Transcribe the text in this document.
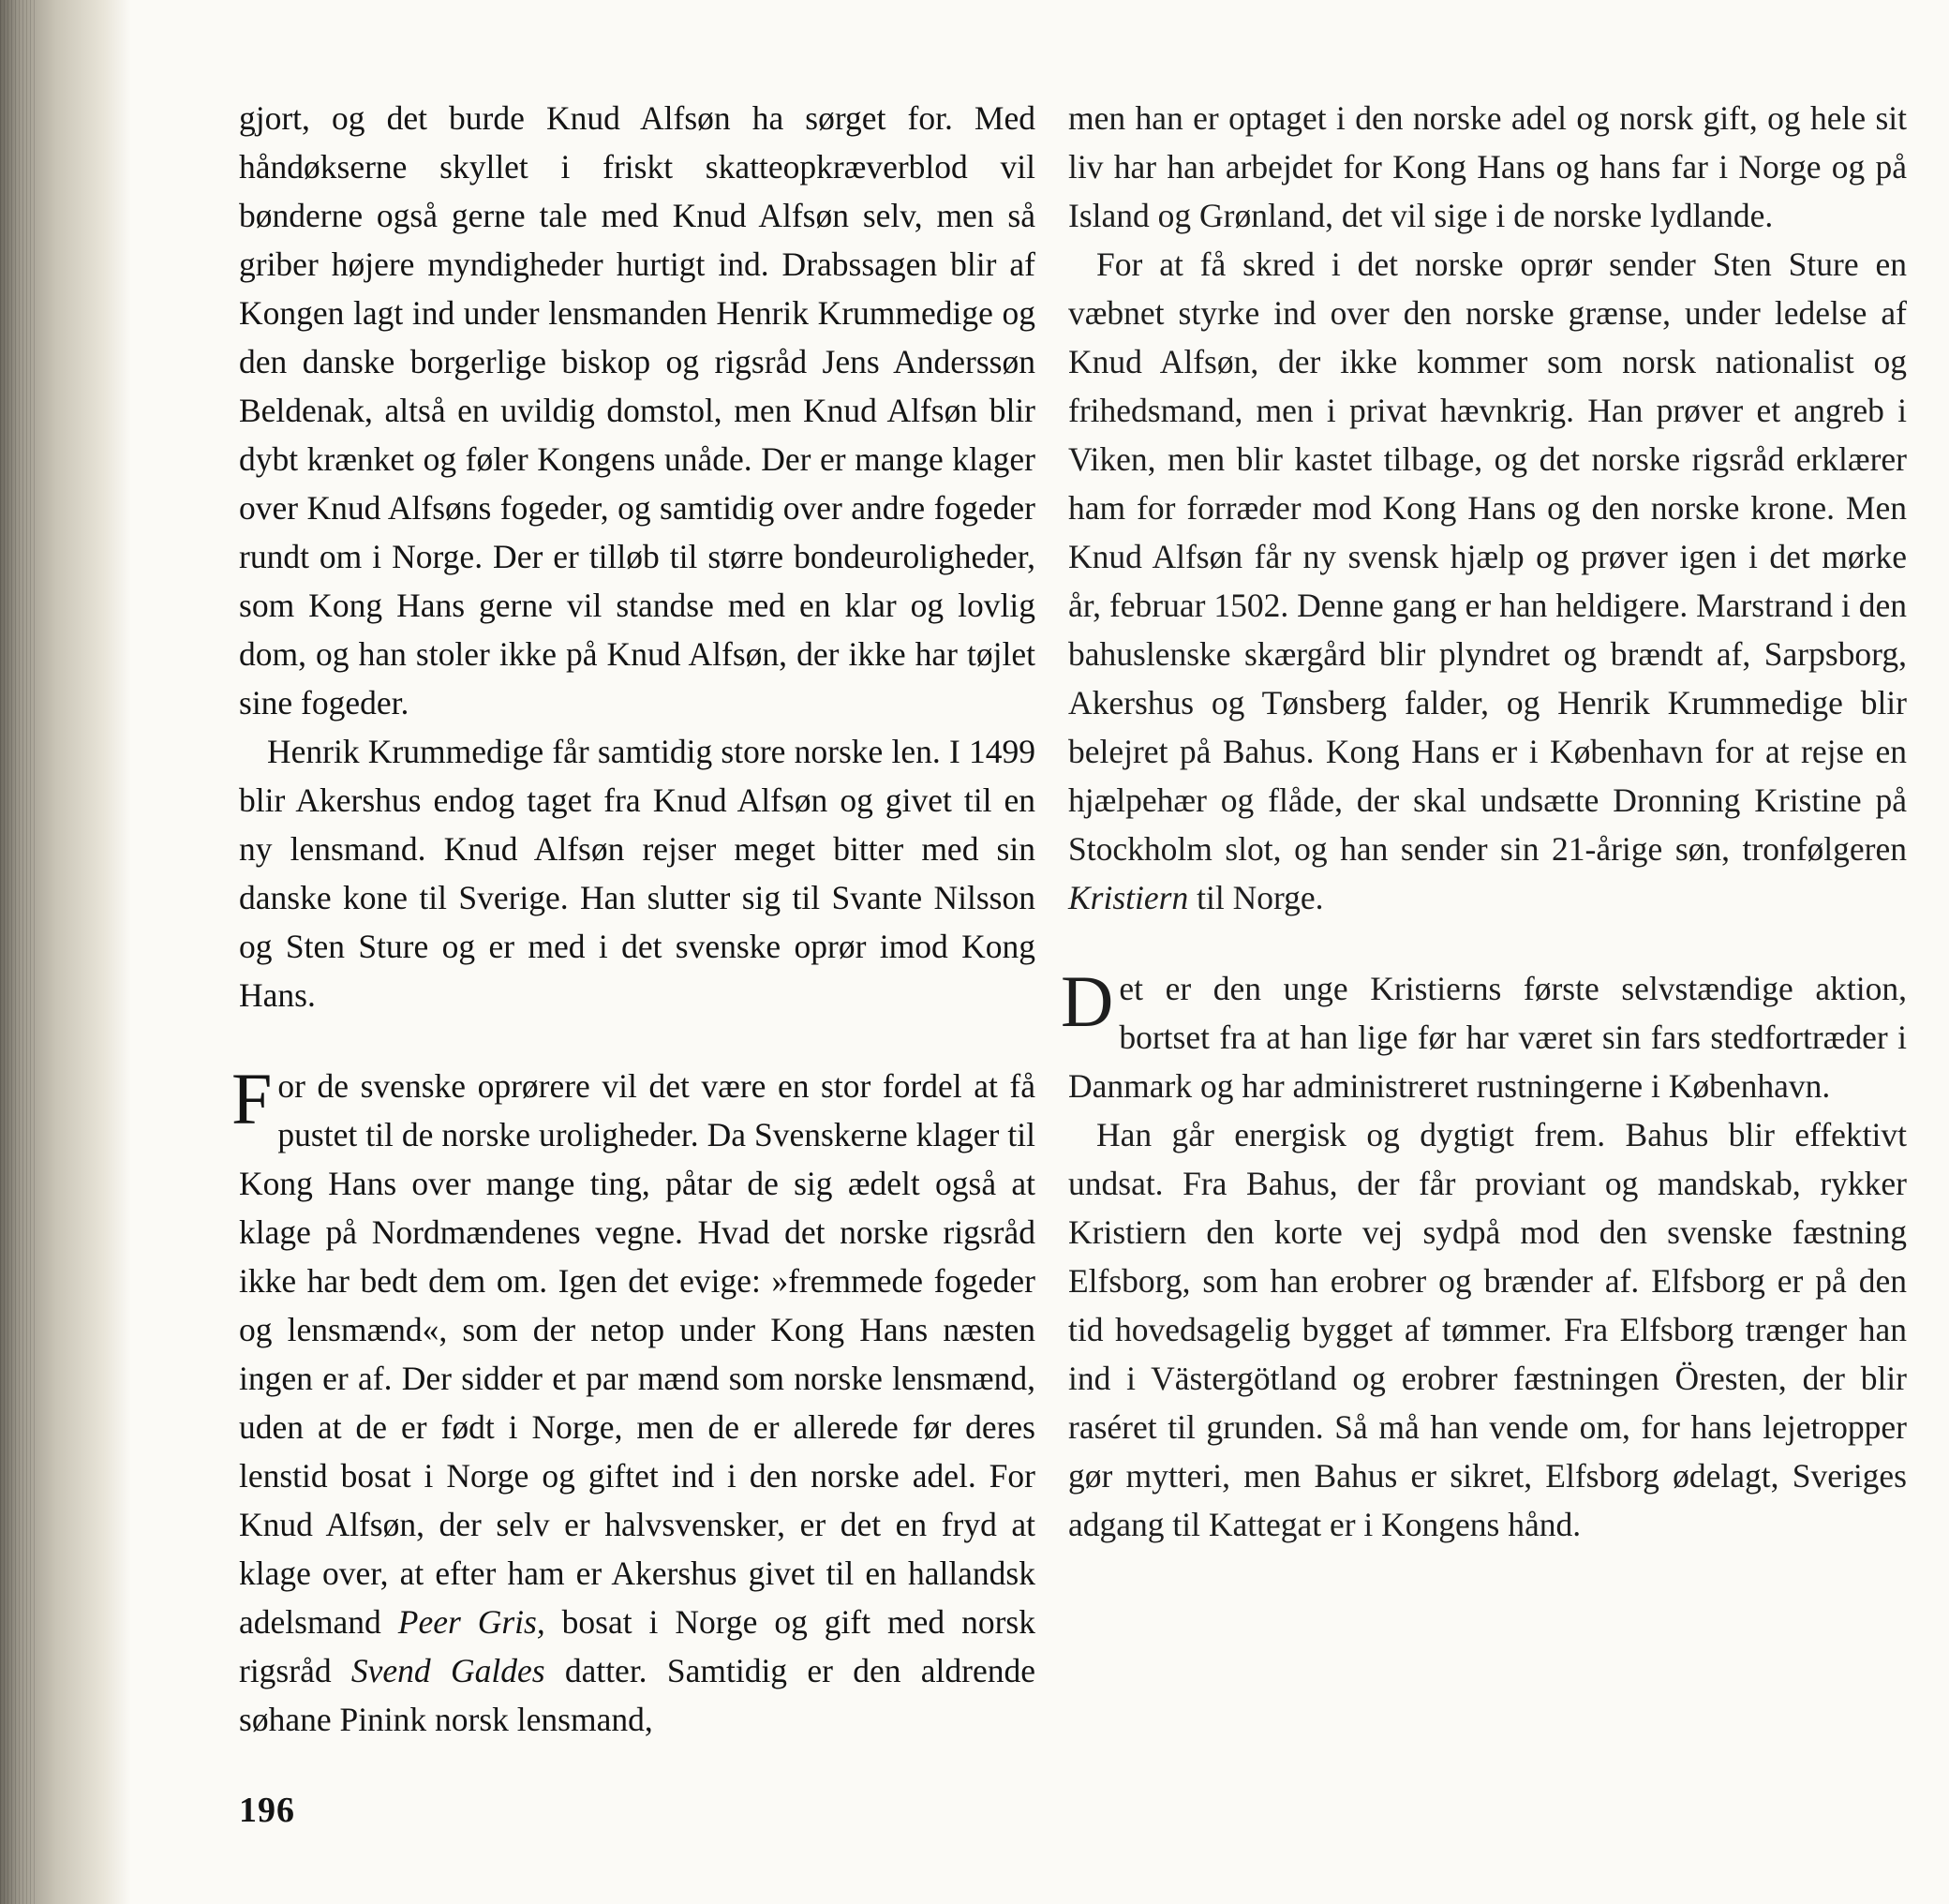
gjort, og det burde Knud Alfsøn ha sørget for. Med håndøkserne skyllet i friskt skatteopkræverblod vil bønderne også gerne tale med Knud Alfsøn selv, men så griber højere myndigheder hurtigt ind. Drabssagen blir af Kongen lagt ind under lensmanden Henrik Krummedige og den danske borgerlige biskop og rigsråd Jens Anderssøn Beldenak, altså en uvildig domstol, men Knud Alfsøn blir dybt krænket og føler Kongens unåde. Der er mange klager over Knud Alfsøns fogeder, og samtidig over andre fogeder rundt om i Norge. Der er tilløb til større bondeuroligheder, som Kong Hans gerne vil standse med en klar og lovlig dom, og han stoler ikke på Knud Alfsøn, der ikke har tøjlet sine fogeder.

Henrik Krummedige får samtidig store norske len. I 1499 blir Akershus endog taget fra Knud Alfsøn og givet til en ny lensmand. Knud Alfsøn rejser meget bitter med sin danske kone til Sverige. Han slutter sig til Svante Nilsson og Sten Sture og er med i det svenske oprør imod Kong Hans.

For de svenske oprørere vil det være en stor fordel at få pustet til de norske uroligheder. Da Svenskerne klager til Kong Hans over mange ting, påtar de sig ædelt også at klage på Nordmændenes vegne. Hvad det norske rigsråd ikke har bedt dem om. Igen det evige: »fremmede fogeder og lensmænd«, som der netop under Kong Hans næsten ingen er af. Der sidder et par mænd som norske lensmænd, uden at de er født i Norge, men de er allerede før deres lenstid bosat i Norge og giftet ind i den norske adel. For Knud Alfsøn, der selv er halvsvensker, er det en fryd at klage over, at efter ham er Akershus givet til en hallandsk adelsmand Peer Gris, bosat i Norge og gift med norsk rigsråd Svend Galdes datter. Samtidig er den aldrende søhane Pinink norsk lensmand,

men han er optaget i den norske adel og norsk gift, og hele sit liv har han arbejdet for Kong Hans og hans far i Norge og på Island og Grønland, det vil sige i de norske lydlande.

For at få skred i det norske oprør sender Sten Sture en væbnet styrke ind over den norske grænse, under ledelse af Knud Alfsøn, der ikke kommer som norsk nationalist og frihedsmand, men i privat hævnkrig. Han prøver et angreb i Viken, men blir kastet tilbage, og det norske rigsråd erklærer ham for forræder mod Kong Hans og den norske krone. Men Knud Alfsøn får ny svensk hjælp og prøver igen i det mørke år, februar 1502. Denne gang er han heldigere. Marstrand i den bahuslenske skærgård blir plyndret og brændt af, Sarpsborg, Akershus og Tønsberg falder, og Henrik Krummedige blir belejret på Bahus. Kong Hans er i København for at rejse en hjælpehær og flåde, der skal undsætte Dronning Kristine på Stockholm slot, og han sender sin 21-årige søn, tronfølgeren Kristiern til Norge.

Det er den unge Kristierns første selvstændige aktion, bortset fra at han lige før har været sin fars stedfortræder i Danmark og har administreret rustningerne i København.

Han går energisk og dygtigt frem. Bahus blir effektivt undsat. Fra Bahus, der får proviant og mandskab, rykker Kristiern den korte vej sydpå mod den svenske fæstning Elfsborg, som han erobrer og brænder af. Elfsborg er på den tid hovedsagelig bygget af tømmer. Fra Elfsborg trænger han ind i Västergötland og erobrer fæstningen Öresten, der blir raséret til grunden. Så må han vende om, for hans lejetropper gør mytteri, men Bahus er sikret, Elfsborg ødelagt, Sveriges adgang til Kattegat er i Kongens hånd.

196
